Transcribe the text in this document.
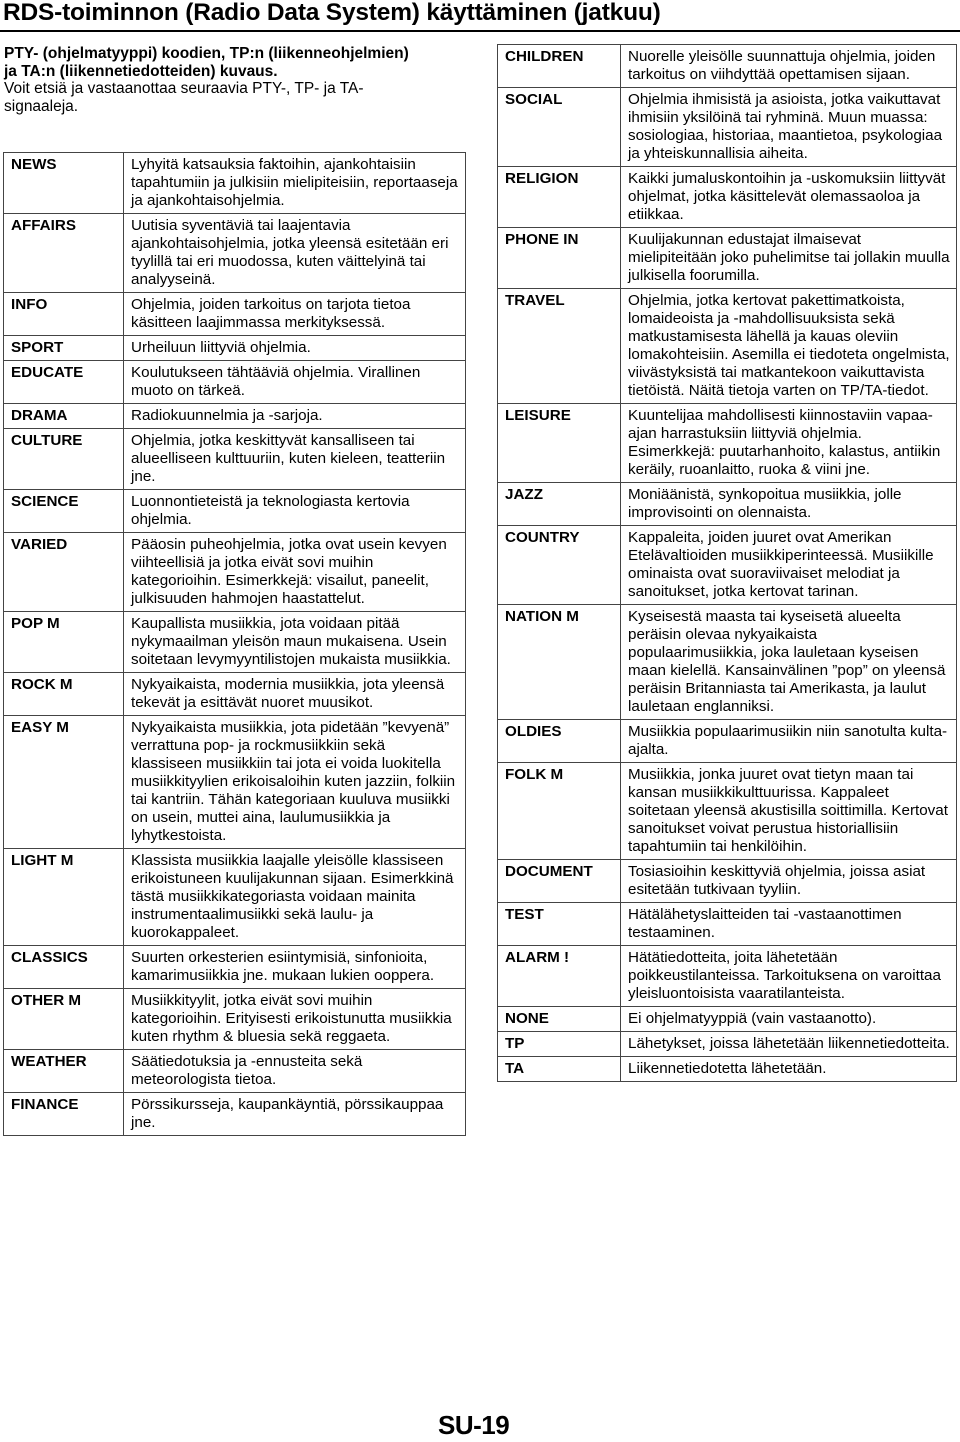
RDS-toiminnon (Radio Data System) käyttäminen (jatkuu)
PTY- (ohjelmatyyppi) koodien, TP:n (liikenneohjelmien) ja TA:n (liikennetiedotteiden) kuvaus.
Voit etsiä ja vastaanottaa seuraavia PTY-, TP- ja TA-signaaleja.
NEWS	Lyhyitä katsauksia faktoihin, ajankohtaisiin tapahtumiin ja julkisiin mielipiteisiin, reportaaseja ja ajankohtaisohjelmia.
AFFAIRS	Uutisia syventäviä tai laajentavia ajankohtaisohjelmia, jotka yleensä esitetään eri tyylillä tai eri muodossa, kuten väittelyinä tai analyyseinä.
INFO	Ohjelmia, joiden tarkoitus on tarjota tietoa käsitteen laajimmassa merkityksessä.
SPORT	Urheiluun liittyviä ohjelmia.
EDUCATE	Koulutukseen tähtääviä ohjelmia. Virallinen muoto on tärkeä.
DRAMA	Radiokuunnelmia ja -sarjoja.
CULTURE	Ohjelmia, jotka keskittyvät kansalliseen tai alueelliseen kulttuuriin, kuten kieleen, teatteriin jne.
SCIENCE	Luonnontieteistä ja teknologiasta kertovia ohjelmia.
VARIED	Pääosin puheohjelmia, jotka ovat usein kevyen viihteellisiä ja jotka eivät sovi muihin kategorioihin. Esimerkkejä: visailut, paneelit, julkisuuden hahmojen haastattelut.
POP M	Kaupallista musiikkia, jota voidaan pitää nykymaailman yleisön maun mukaisena. Usein soitetaan levymyyntilistojen mukaista musiikkia.
ROCK M	Nykyaikaista, modernia musiikkia, jota yleensä tekevät ja esittävät nuoret muusikot.
EASY M	Nykyaikaista musiikkia, jota pidetään ”kevyenä” verrattuna pop- ja rockmusiikkiin sekä klassiseen musiikkiin tai jota ei voida luokitella musiikkityylien erikoisaloihin kuten jazziin, folkiin tai kantriin. Tähän kategoriaan kuuluva musiikki on usein, muttei aina, laulumusiikkia ja lyhytkestoista.
LIGHT M	Klassista musiikkia laajalle yleisölle klassiseen erikoistuneen kuulijakunnan sijaan. Esimerkkinä tästä musiikkikategoriasta voidaan mainita instrumentaalimusiikki sekä laulu- ja kuorokappaleet.
CLASSICS	Suurten orkesterien esiintymisiä, sinfonioita, kamarimusiikkia jne. mukaan lukien ooppera.
OTHER M	Musiikkityylit, jotka eivät sovi muihin kategorioihin. Erityisesti erikoistunutta musiikkia kuten rhythm & bluesia sekä reggaeta.
WEATHER	Säätiedotuksia ja -ennusteita sekä meteorologista tietoa.
FINANCE	Pörssikursseja, kaupankäyntiä, pörssikauppaa jne.
CHILDREN	Nuorelle yleisölle suunnattuja ohjelmia, joiden tarkoitus on viihdyttää opettamisen sijaan.
SOCIAL	Ohjelmia ihmisistä ja asioista, jotka vaikuttavat ihmisiin yksilöinä tai ryhminä. Muun muassa: sosiologiaa, historiaa, maantietoa, psykologiaa ja yhteiskunnallisia aiheita.
RELIGION	Kaikki jumaluskontoihin ja -uskomuksiin liittyvät ohjelmat, jotka käsittelevät olemassaoloa ja etiikkaa.
PHONE IN	Kuulijakunnan edustajat ilmaisevat mielipiteitään joko puhelimitse tai jollakin muulla julkisella foorumilla.
TRAVEL	Ohjelmia, jotka kertovat pakettimatkoista, lomaideoista ja -mahdollisuuksista sekä matkustamisesta lähellä ja kauas oleviin lomakohteisiin. Asemilla ei tiedoteta ongelmista, viivästyksistä tai matkantekoon vaikuttavista tietöistä. Näitä tietoja varten on TP/TA-tiedot.
LEISURE	Kuuntelijaa mahdollisesti kiinnostaviin vapaa-ajan harrastuksiin liittyviä ohjelmia. Esimerkkejä: puutarhanhoito, kalastus, antiikin keräily, ruoanlaitto, ruoka & viini jne.
JAZZ	Moniäänistä, synkopoitua musiikkia, jolle improvisointi on olennaista.
COUNTRY	Kappaleita, joiden juuret ovat Amerikan Etelävaltioiden musiikkiperinteessä. Musiikille ominaista ovat suoraviivaiset melodiat ja sanoitukset, jotka kertovat tarinan.
NATION M	Kyseisestä maasta tai kyseisetä alueelta peräisin olevaa nykyaikaista populaarimusiikkia, joka lauletaan kyseisen maan kielellä. Kansainvälinen ”pop” on yleensä peräisin Britanniasta tai Amerikasta, ja laulut lauletaan englanniksi.
OLDIES	Musiikkia populaarimusiikin niin sanotulta kulta-ajalta.
FOLK M	Musiikkia, jonka juuret ovat tietyn maan tai kansan musiikkikulttuurissa. Kappaleet soitetaan yleensä akustisilla soittimilla. Kertovat sanoitukset voivat perustua historiallisiin tapahtumiin tai henkilöihin.
DOCUMENT	Tosiasioihin keskittyviä ohjelmia, joissa asiat esitetään tutkivaan tyyliin.
TEST	Hätälähetyslaitteiden tai -vastaanottimen testaaminen.
ALARM !	Hätätiedotteita, joita lähetetään poikkeustilanteissa. Tarkoituksena on varoittaa yleisluontoisista vaaratilanteista.
NONE	Ei ohjelmatyyppiä (vain vastaanotto).
TP	Lähetykset, joissa lähetetään liikennetiedotteita.
TA	Liikennetiedotetta lähetetään.
SU-19
